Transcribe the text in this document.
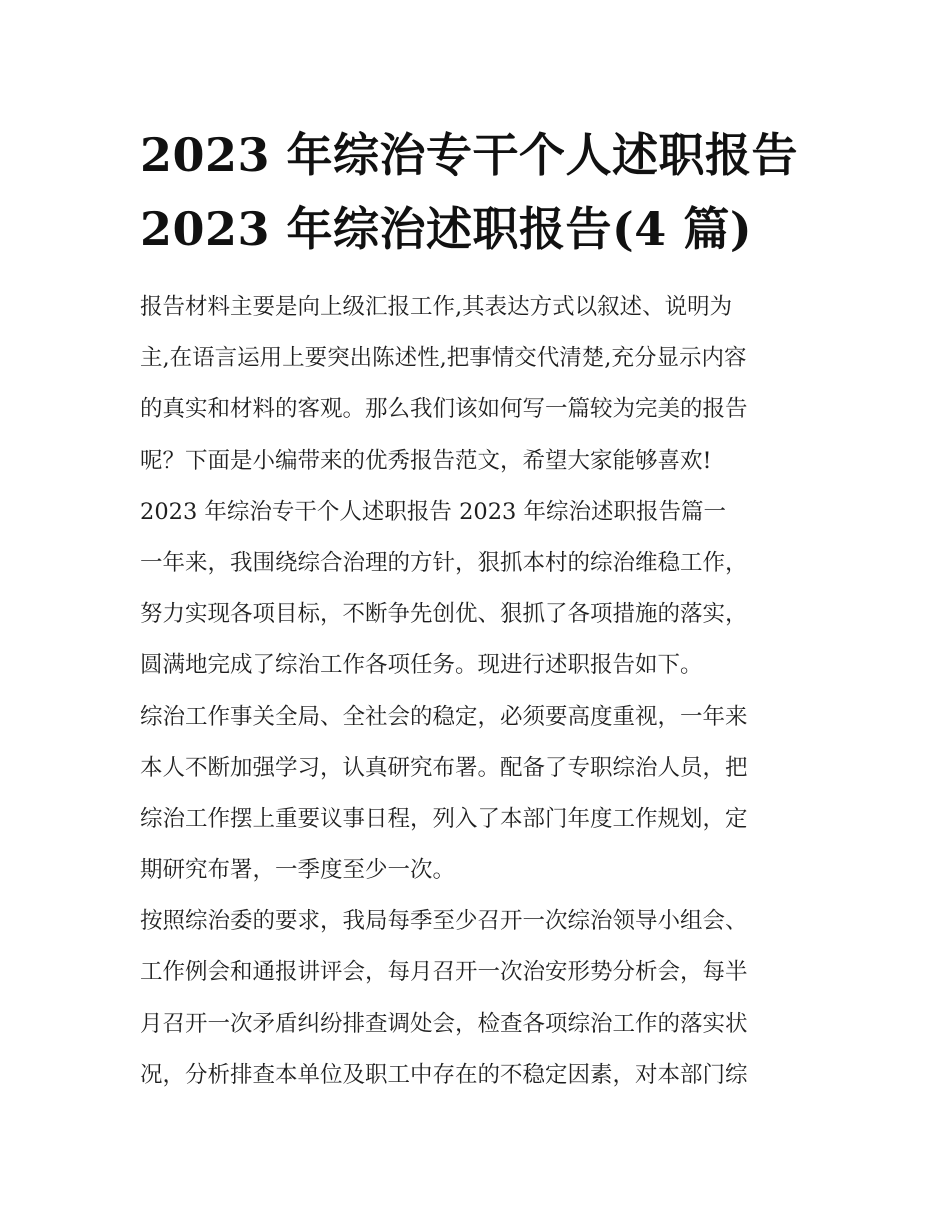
2023 年综治专干个人述职报告
2023 年综治述职报告(4 篇)
报告材料主要是向上级汇报工作,其表达方式以叙述、说明为
主,在语言运用上要突出陈述性,把事情交代清楚,充分显示内容
的真实和材料的客观。那么我们该如何写一篇较为完美的报告
呢？下面是小编带来的优秀报告范文，希望大家能够喜欢!
2023 年综治专干个人述职报告 2023 年综治述职报告篇一
一年来，我围绕综合治理的方针，狠抓本村的综治维稳工作，
努力实现各项目标，不断争先创优、狠抓了各项措施的落实，
圆满地完成了综治工作各项任务。现进行述职报告如下。
综治工作事关全局、全社会的稳定，必须要高度重视，一年来
本人不断加强学习，认真研究布署。配备了专职综治人员，把
综治工作摆上重要议事日程，列入了本部门年度工作规划，定
期研究布署，一季度至少一次。
按照综治委的要求，我局每季至少召开一次综治领导小组会、
工作例会和通报讲评会，每月召开一次治安形势分析会，每半
月召开一次矛盾纠纷排查调处会，检查各项综治工作的落实状
况，分析排查本单位及职工中存在的不稳定因素，对本部门综
